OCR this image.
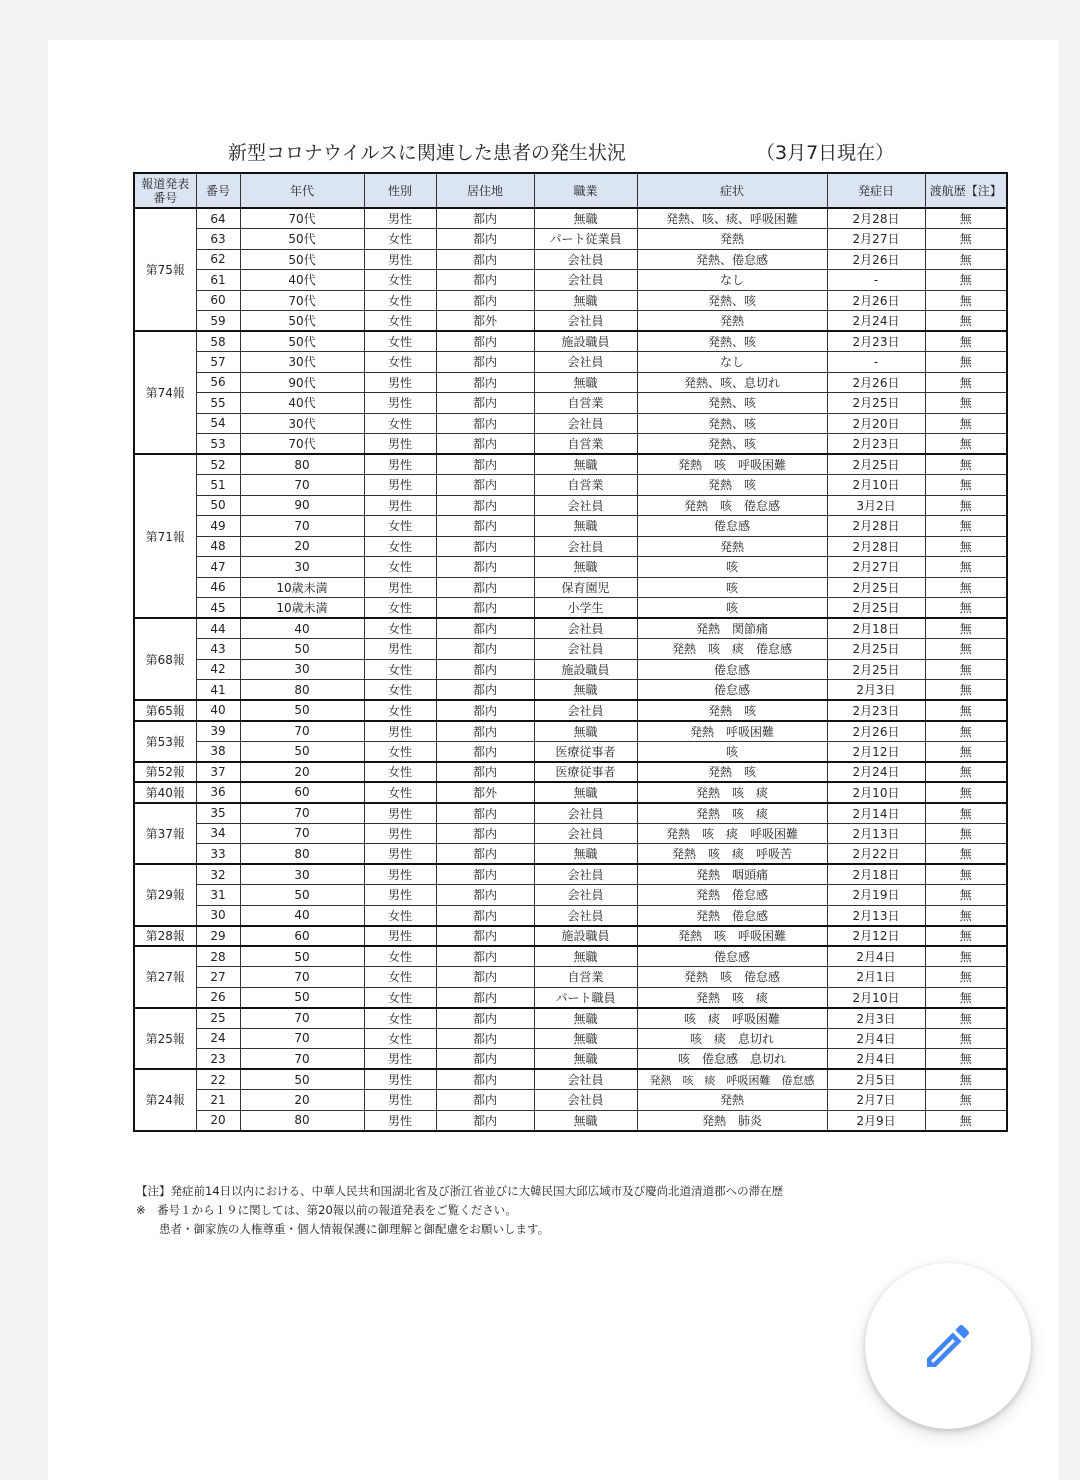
新型コロナウイルスに関連した患者の発生状況	（3月7日現在）
報道発表
番号	番号	年代	性別	居住地	職業	症状	発症日	渡航歴【注】
第75報	64	70代	男性	都内	無職	発熱、咳、痰、呼吸困難	2月28日	無
	63	50代	女性	都内	パート従業員	発熱	2月27日	無
	62	50代	男性	都内	会社員	発熱、倦怠感	2月26日	無
	61	40代	女性	都内	会社員	なし	-	無
	60	70代	女性	都内	無職	発熱、咳	2月26日	無
	59	50代	女性	都外	会社員	発熱	2月24日	無
第74報	58	50代	女性	都内	施設職員	発熱、咳	2月23日	無
	57	30代	女性	都内	会社員	なし	-	無
	56	90代	男性	都内	無職	発熱、咳、息切れ	2月26日	無
	55	40代	男性	都内	自営業	発熱、咳	2月25日	無
	54	30代	女性	都内	会社員	発熱、咳	2月20日	無
	53	70代	男性	都内	自営業	発熱、咳	2月23日	無
第71報	52	80	男性	都内	無職	発熱　咳　呼吸困難	2月25日	無
	51	70	男性	都内	自営業	発熱　咳	2月10日	無
	50	90	男性	都内	会社員	発熱　咳　倦怠感	3月2日	無
	49	70	女性	都内	無職	倦怠感	2月28日	無
	48	20	女性	都内	会社員	発熱	2月28日	無
	47	30	女性	都内	無職	咳	2月27日	無
	46	10歳未満	男性	都内	保育園児	咳	2月25日	無
	45	10歳未満	女性	都内	小学生	咳	2月25日	無
第68報	44	40	女性	都内	会社員	発熱　関節痛	2月18日	無
	43	50	男性	都内	会社員	発熱　咳　痰　倦怠感	2月25日	無
	42	30	女性	都内	施設職員	倦怠感	2月25日	無
	41	80	女性	都内	無職	倦怠感	2月3日	無
第65報	40	50	女性	都内	会社員	発熱　咳	2月23日	無
第53報	39	70	男性	都内	無職	発熱　呼吸困難	2月26日	無
	38	50	女性	都内	医療従事者	咳	2月12日	無
第52報	37	20	女性	都内	医療従事者	発熱　咳	2月24日	無
第40報	36	60	女性	都外	無職	発熱　咳　痰	2月10日	無
第37報	35	70	男性	都内	会社員	発熱　咳　痰	2月14日	無
	34	70	男性	都内	会社員	発熱　咳　痰　呼吸困難	2月13日	無
	33	80	男性	都内	無職	発熱　咳　痰　呼吸苦	2月22日	無
第29報	32	30	男性	都内	会社員	発熱　咽頭痛	2月18日	無
	31	50	男性	都内	会社員	発熱　倦怠感	2月19日	無
	30	40	女性	都内	会社員	発熱　倦怠感	2月13日	無
第28報	29	60	男性	都内	施設職員	発熱　咳　呼吸困難	2月12日	無
第27報	28	50	女性	都内	無職	倦怠感	2月4日	無
	27	70	女性	都内	自営業	発熱　咳　倦怠感	2月1日	無
	26	50	女性	都内	パート職員	発熱　咳　痰	2月10日	無
第25報	25	70	女性	都内	無職	咳　痰　呼吸困難	2月3日	無
	24	70	女性	都内	無職	咳　痰　息切れ	2月4日	無
	23	70	男性	都内	無職	咳　倦怠感　息切れ	2月4日	無
第24報	22	50	男性	都内	会社員	発熱　咳　痰　呼吸困難　倦怠感	2月5日	無
	21	20	男性	都内	会社員	発熱	2月7日	無
	20	80	男性	都内	無職	発熱　肺炎	2月9日	無
【注】発症前14日以内における、中華人民共和国湖北省及び浙江省並びに大韓民国大邱広域市及び慶尚北道清道郡への滞在歴
※　番号１から１９に関しては、第20報以前の報道発表をご覧ください。
　　患者・御家族の人権尊重・個人情報保護に御理解と御配慮をお願いします。
